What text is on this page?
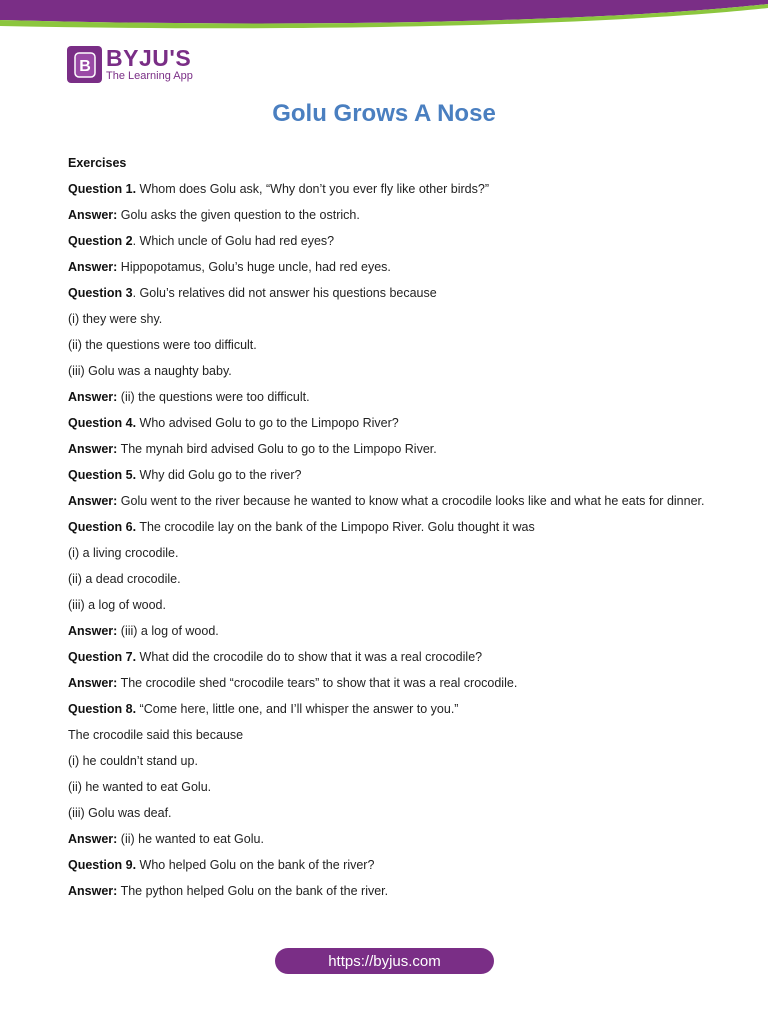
B BYJU'S
The Learning App
Golu Grows A Nose

Exercises

Question 1. Whom does Golu ask, “Why don’t you ever fly like other birds?”

Answer: Golu asks the given question to the ostrich.

Question 2. Which uncle of Golu had red eyes?

Answer: Hippopotamus, Golu’s huge uncle, had red eyes.

Question 3. Golu’s relatives did not answer his questions because

(i) they were shy.

(ii) the questions were too difficult.

(iii) Golu was a naughty baby.

Answer: (ii) the questions were too difficult.

Question 4. Who advised Golu to go to the Limpopo River?

Answer: The mynah bird advised Golu to go to the Limpopo River.

Question 5. Why did Golu go to the river?

Answer: Golu went to the river because he wanted to know what a crocodile looks like and what he eats for dinner.

Question 6. The crocodile lay on the bank of the Limpopo River. Golu thought it was

(i) a living crocodile.

(ii) a dead crocodile.

(iii) a log of wood.

Answer: (iii) a log of wood.

Question 7. What did the crocodile do to show that it was a real crocodile?

Answer: The crocodile shed “crocodile tears” to show that it was a real crocodile.

Question 8. “Come here, little one, and I’ll whisper the answer to you.”

The crocodile said this because

(i) he couldn’t stand up.

(ii) he wanted to eat Golu.

(iii) Golu was deaf.

Answer: (ii) he wanted to eat Golu.

Question 9. Who helped Golu on the bank of the river?

Answer: The python helped Golu on the bank of the river.

https://byjus.com
